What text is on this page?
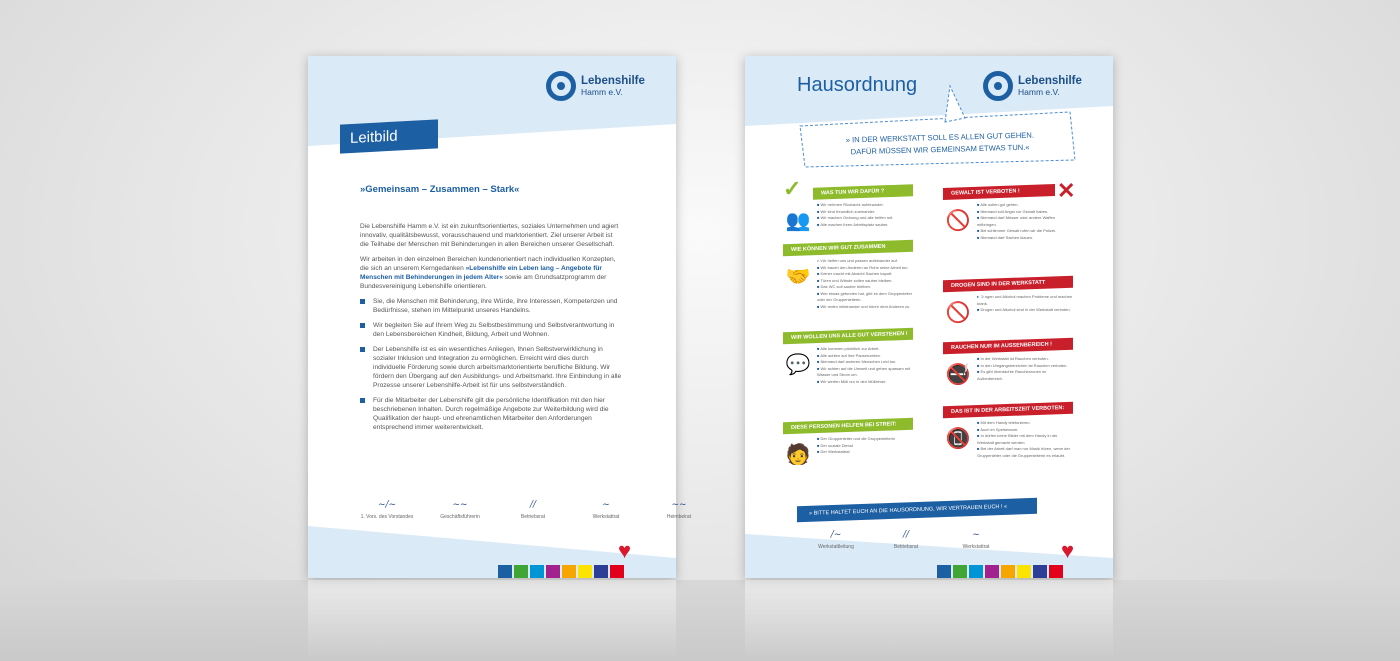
Lebenshilfe
Hamm e.V.
Leitbild
»Gemeinsam – Zusammen – Stark«

Die Lebenshilfe Hamm e.V. ist ein zukunftsorientiertes, soziales Unternehmen und agiert innovativ, qualitätsbewusst, vorausschauend und marktorientiert. Ziel unserer Arbeit ist die Teilhabe der Menschen mit Behinderungen in allen Bereichen unserer Gesellschaft.

Wir arbeiten in den einzelnen Bereichen kundenorientiert nach individuellen Konzepten, die sich an unserem Kerngedanken »Lebenshilfe ein Leben lang – Angebote für Menschen mit Behinderungen in jedem Alter« sowie am Grundsatzprogramm der Bundesvereinigung Lebenshilfe orientieren.

Sie, die Menschen mit Behinderung, ihre Würde, ihre Interessen, Kompetenzen und Bedürfnisse, stehen im Mittelpunkt unseres Handelns.
Wir begleiten Sie auf Ihrem Weg zu Selbstbestimmung und Selbstverantwortung in den Lebensbereichen Kindheit, Bildung, Arbeit und Wohnen.
Der Lebenshilfe ist es ein wesentliches Anliegen, Ihnen Selbstverwirklichung in sozialer Inklusion und Integration zu ermöglichen. Erreicht wird dies durch individuelle Förderung sowie durch arbeitsmarktorientierte berufliche Bildung. Wir fördern den Übergang auf den Ausbildungs- und Arbeitsmarkt. Ihre Einbindung in alle Prozesse unserer Lebenshilfe-Arbeit ist für uns selbstverständlich.
Für die Mitarbeiter der Lebenshilfe gilt die persönliche Identifikation mit den hier beschriebenen Inhalten. Durch regelmäßige Angebote zur Weiterbildung wird die Qualifikation der haupt- und ehrenamtlichen Mitarbeiter den Anforderungen entsprechend immer weiterentwickelt.
~/~
1. Vors. des Vorstandes
~~
Geschäftsführerin
//
Betriebsrat
~
Werkstattrat
~~
Heimbeirat
♥
Hausordnung	Lebenshilfe
Hamm e.V.
» IN DER WERKSTATT SOLL ES ALLEN GUT GEHEN.
DAFÜR MÜSSEN WIR GEMEINSAM ETWAS TUN.«
✓	✕
WAS TUN WIR DAFÜR ?
👥
■ Wir nehmen Rücksicht aufeinander.
■ Wir sind freundlich zueinander.
■ Wir machen Ordnung und alle helfen mit.
■ Alle machen ihren Arbeitsplatz sauber.
WIE KÖNNEN WIR GUT ZUSAMMEN ARBEITEN ?
🤝
■ Wir helfen uns und passen aufeinander auf.
■ Wir bauen den Anderen an Ruhe seine Arbeit tun.
■ Keiner macht mit Absicht Sachen kaputt.
■ Türen und Wände sollen sauber bleiben.
■ Das WC soll sauber bleiben.
■ Wer etwas gefunden hat, gibt es dem Gruppenleiter oder der Gruppenleiterin.
■ Wir reden miteinander und hören dem Anderen zu.
WIR WOLLEN UNS ALLE GUT VERSTEHEN !
💬
■ Alle kommen pünktlich zur Arbeit.
■ Alle achten auf ihre Pausenzeiten.
■ Niemand darf anderen Menschen Leid tun.
■ Wir achten auf die Umwelt und gehen sparsam mit Wasser und Strom um.
■ Wir werfen Müll nur in den Mülleimer.
DIESE PERSONEN HELFEN BEI STREIT:
🧑
■ Der Gruppenleiter und die Gruppenleiterin
■ Der soziale Dienst
■ Der Werkstattrat
GEWALT IST VERBOTEN !
🚫
■ Alle sollen gut gehen.
■ Niemand soll Angst vor Gewalt haben.
■ Niemand darf Messer oder andere Waffen mitbringen.
■ Bei schlimmer Gewalt rufen wir die Polizei.
■ Niemand darf Sachen klauen.
DROGEN SIND IN DER WERKSTATT VERBOTEN !
🚫
■ Drogen und Alkohol machen Probleme und machen krank.
■ Drogen und Alkohol sind in der Werkstatt verboten.
RAUCHEN NUR IM AUSSENBEREICH !
🚭
■ In der Werkstatt ist Rauchen verboten.
■ In den Umgangsbereichen ist Rauchen verboten.
■ Es gibt überdachte Raucherzonen im Außenbereich.
DAS IST IN DER ARBEITSZEIT VERBOTEN:
📵
■ Mit dem Handy telefonieren.
■ Auch im Speiseraum.
■ In dürfen keine Bilder mit dem Handy in der Werkstatt gemacht werden.
■ Bei der Arbeit darf man nur Musik hören, wenn der Gruppenleiter oder die Gruppenleiterin es erlaubt.
» BITTE HALTET EUCH AN DIE HAUSORDNUNG, WIR VERTRAUEN EUCH ! «
/~
Werkstattleitung
//
Betriebsrat
~
Werkstattrat	♥
